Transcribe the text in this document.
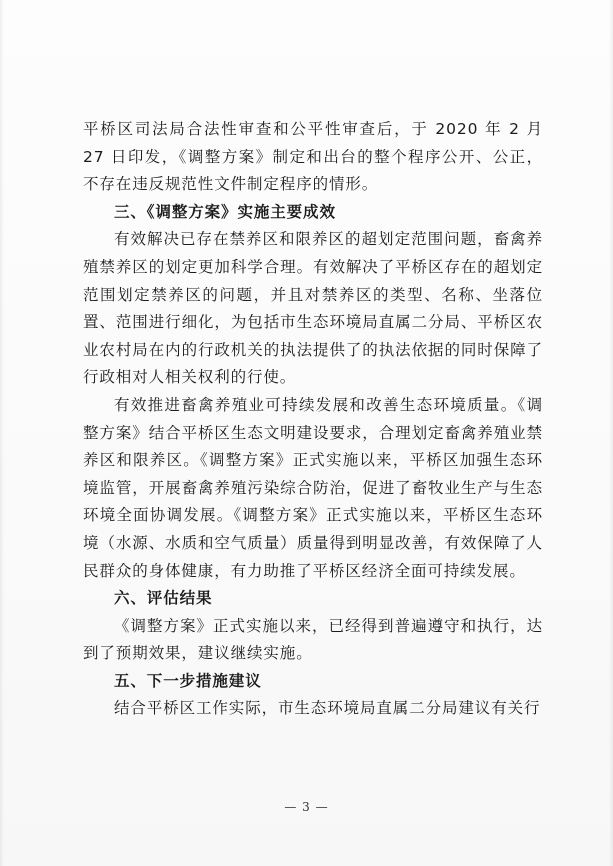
平桥区司法局合法性审查和公平性审查后，于 2020 年 2 月 27 日印发，《调整方案》制定和出台的整个程序公开、公正，不存在违反规范性文件制定程序的情形。

三、《调整方案》实施主要成效

有效解决已存在禁养区和限养区的超划定范围问题，畜禽养殖禁养区的划定更加科学合理。有效解决了平桥区存在的超划定范围划定禁养区的问题，并且对禁养区的类型、名称、坐落位置、范围进行细化，为包括市生态环境局直属二分局、平桥区农业农村局在内的行政机关的执法提供了的执法依据的同时保障了行政相对人相关权利的行使。

有效推进畜禽养殖业可持续发展和改善生态环境质量。《调整方案》结合平桥区生态文明建设要求，合理划定畜禽养殖业禁养区和限养区。《调整方案》正式实施以来，平桥区加强生态环境监管，开展畜禽养殖污染综合防治，促进了畜牧业生产与生态环境全面协调发展。《调整方案》正式实施以来，平桥区生态环境（水源、水质和空气质量）质量得到明显改善，有效保障了人民群众的身体健康，有力助推了平桥区经济全面可持续发展。

六、评估结果

《调整方案》正式实施以来，已经得到普遍遵守和执行，达到了预期效果，建议继续实施。

五、下一步措施建议

结合平桥区工作实际，市生态环境局直属二分局建议有关行

— 3 —
